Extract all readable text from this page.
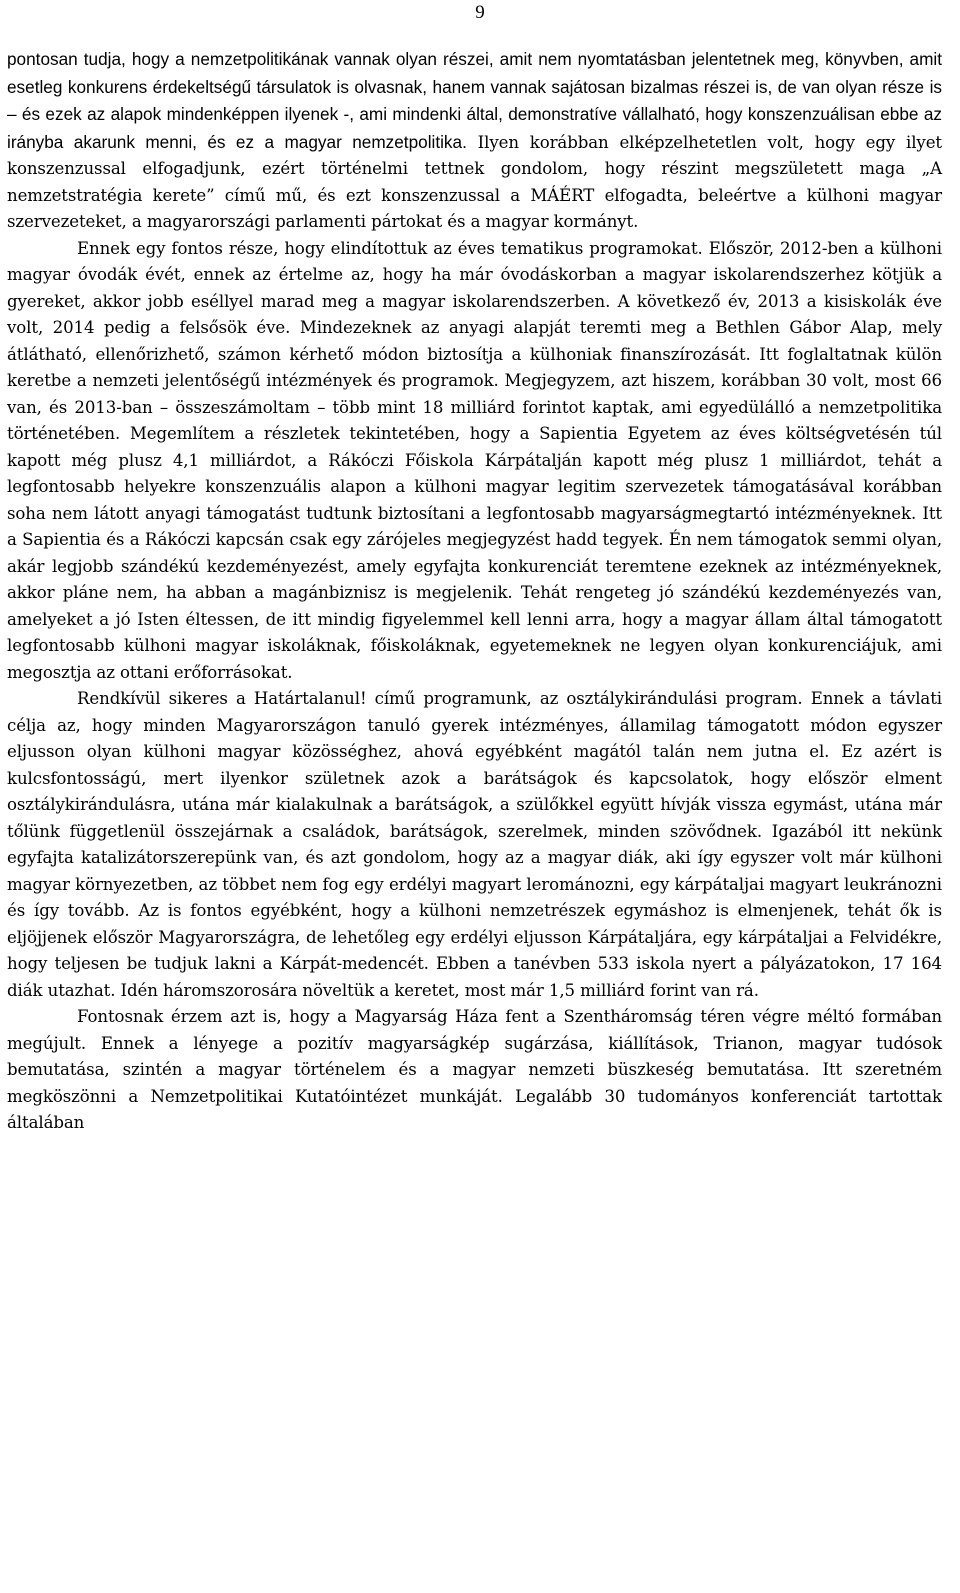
9

pontosan tudja, hogy a nemzetpolitikának vannak olyan részei, amit nem nyomtatásban jelentetnek meg, könyvben, amit esetleg konkurens érdekeltségű társulatok is olvasnak, hanem vannak sajátosan bizalmas részei is, de van olyan része is – és ezek az alapok mindenképpen ilyenek -, ami mindenki által, demonstratíve vállalható, hogy konszenzuálisan ebbe az irányba akarunk menni, és ez a magyar nemzetpolitika. Ilyen korábban elképzelhetetlen volt, hogy egy ilyet konszenzussal elfogadjunk, ezért történelmi tettnek gondolom, hogy részint megszületett maga „A nemzetstratégia kerete” című mű, és ezt konszenzussal a MÁÉRT elfogadta, beleértve a külhoni magyar szervezeteket, a magyarországi parlamenti pártokat és a magyar kormányt.

Ennek egy fontos része, hogy elindítottuk az éves tematikus programokat. Először, 2012-ben a külhoni magyar óvodák évét, ennek az értelme az, hogy ha már óvodáskorban a magyar iskolarendszerhez kötjük a gyereket, akkor jobb eséllyel marad meg a magyar iskolarendszerben. A következő év, 2013 a kisiskolák éve volt, 2014 pedig a felsősök éve. Mindezeknek az anyagi alapját teremti meg a Bethlen Gábor Alap, mely átlátható, ellenőrizhető, számon kérhető módon biztosítja a külhoniak finanszírozását. Itt foglaltatnak külön keretbe a nemzeti jelentőségű intézmények és programok. Megjegyzem, azt hiszem, korábban 30 volt, most 66 van, és 2013-ban – összeszámoltam – több mint 18 milliárd forintot kaptak, ami egyedülálló a nemzetpolitika történetében. Megemlítem a részletek tekintetében, hogy a Sapientia Egyetem az éves költségvetésén túl kapott még plusz 4,1 milliárdot, a Rákóczi Főiskola Kárpátalján kapott még plusz 1 milliárdot, tehát a legfontosabb helyekre konszenzuális alapon a külhoni magyar legitim szervezetek támogatásával korábban soha nem látott anyagi támogatást tudtunk biztosítani a legfontosabb magyarságmegtartó intézményeknek. Itt a Sapientia és a Rákóczi kapcsán csak egy zárójeles megjegyzést hadd tegyek. Én nem támogatok semmi olyan, akár legjobb szándékú kezdeményezést, amely egyfajta konkurenciát teremtene ezeknek az intézményeknek, akkor pláne nem, ha abban a magánbiznisz is megjelenik. Tehát rengeteg jó szándékú kezdeményezés van, amelyeket a jó Isten éltessen, de itt mindig figyelemmel kell lenni arra, hogy a magyar állam által támogatott legfontosabb külhoni magyar iskoláknak, főiskoláknak, egyetemeknek ne legyen olyan konkurenciájuk, ami megosztja az ottani erőforrásokat.

Rendkívül sikeres a Határtalanul! című programunk, az osztálykirándulási program. Ennek a távlati célja az, hogy minden Magyarországon tanuló gyerek intézményes, államilag támogatott módon egyszer eljusson olyan külhoni magyar közösséghez, ahová egyébként magától talán nem jutna el. Ez azért is kulcsfontosságú, mert ilyenkor születnek azok a barátságok és kapcsolatok, hogy először elment osztálykirándulásra, utána már kialakulnak a barátságok, a szülőkkel együtt hívják vissza egymást, utána már tőlünk függetlenül összejárnak a családok, barátságok, szerelmek, minden szövődnek. Igazából itt nekünk egyfajta katalizátorszerepünk van, és azt gondolom, hogy az a magyar diák, aki így egyszer volt már külhoni magyar környezetben, az többet nem fog egy erdélyi magyart lerománozni, egy kárpátaljai magyart leukránozni és így tovább. Az is fontos egyébként, hogy a külhoni nemzetrészek egymáshoz is elmenjenek, tehát ők is eljöjjenek először Magyarországra, de lehetőleg egy erdélyi eljusson Kárpátaljára, egy kárpátaljai a Felvidékre, hogy teljesen be tudjuk lakni a Kárpát-medencét. Ebben a tanévben 533 iskola nyert a pályázatokon, 17 164 diák utazhat. Idén háromszorosára növeltük a keretet, most már 1,5 milliárd forint van rá.

Fontosnak érzem azt is, hogy a Magyarság Háza fent a Szentháromság téren végre méltó formában megújult. Ennek a lényege a pozitív magyarságkép sugárzása, kiállítások, Trianon, magyar tudósok bemutatása, szintén a magyar történelem és a magyar nemzeti büszkeség bemutatása. Itt szeretném megköszönni a Nemzetpolitikai Kutatóintézet munkáját. Legalább 30 tudományos konferenciát tartottak általában
